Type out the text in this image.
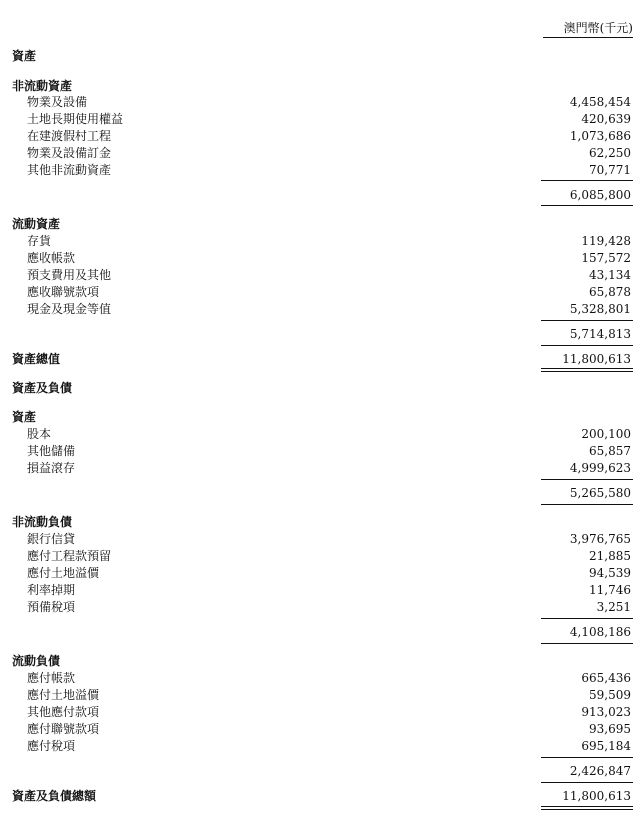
澳門幣(千元)
資產
非流動資產
物業及設備	4,458,454
土地長期使用權益	420,639
在建渡假村工程	1,073,686
物業及設備訂金	62,250
其他非流動資產	70,771
6,085,800
流動資產
存貨	119,428
應收帳款	157,572
預支費用及其他	43,134
應收聯號款項	65,878
現金及現金等值	5,328,801
5,714,813
資產總值	11,800,613
資產及負債
資產
股本	200,100
其他儲備	65,857
損益滾存	4,999,623
5,265,580
非流動負債
銀行信貸	3,976,765
應付工程款預留	21,885
應付土地溢價	94,539
利率掉期	11,746
預備稅項	3,251
4,108,186
流動負債
應付帳款	665,436
應付土地溢價	59,509
其他應付款項	913,023
應付聯號款項	93,695
應付稅項	695,184
2,426,847
資產及負債總額	11,800,613
